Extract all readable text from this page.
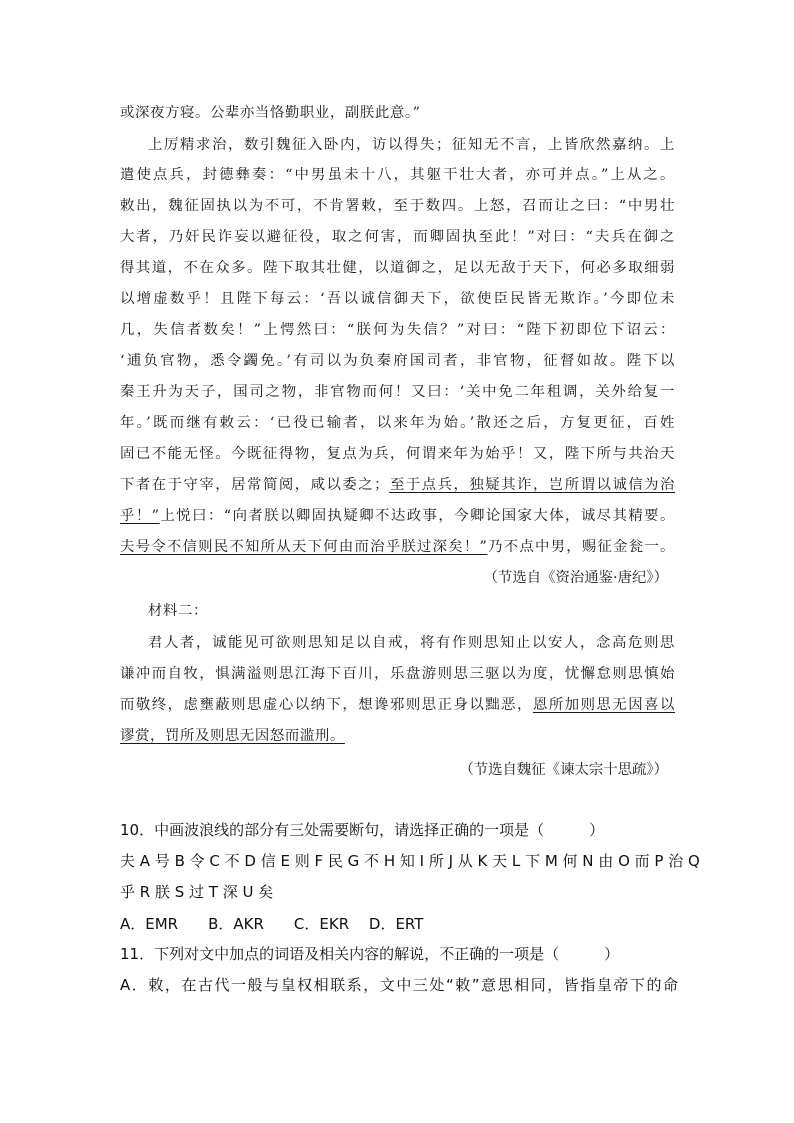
或深夜方寝。公辈亦当恪勤职业，副朕此意。”
上厉精求治，数引魏征入卧内，访以得失；征知无不言，上皆欣然嘉纳。上
遣使点兵，封德彝奏：“中男虽未十八，其躯干壮大者，亦可并点。”上从之。
敕出，魏征固执以为不可，不肯署敕，至于数四。上怒，召而让之曰：“中男壮
大者，乃奸民诈妄以避征役，取之何害，而卿固执至此！”对曰：“夫兵在御之
得其道，不在众多。陛下取其壮健，以道御之，足以无敌于天下，何必多取细弱
以增虚数乎！且陛下每云：‘吾以诚信御天下，欲使臣民皆无欺诈。’今即位未
几，失信者数矣！”上愕然曰：“朕何为失信？”对曰：“陛下初即位下诏云：
‘逋负官物，悉令蠲免。’有司以为负秦府国司者，非官物，征督如故。陛下以
秦王升为天子，国司之物，非官物而何！又曰：‘关中免二年租调，关外给复一
年。’既而继有敕云：‘已役已输者，以来年为始。’散还之后，方复更征，百姓
固已不能无怪。今既征得物，复点为兵，何谓来年为始乎！又，陛下所与共治天
下者在于守宰，居常简阅，咸以委之；至于点兵，独疑其诈，岂所谓以诚信为治
乎！”上悦曰：“向者朕以卿固执疑卿不达政事，今卿论国家大体，诚尽其精要。
夫号令不信则民不知所从天下何由而治乎朕过深矣！”乃不点中男，赐征金瓮一。
（节选自《资治通鉴·唐纪》）
材料二：
君人者，诚能见可欲则思知足以自戒，将有作则思知止以安人，念高危则思
谦冲而自牧，惧满溢则思江海下百川，乐盘游则思三驱以为度，忧懈怠则思慎始
而敬终，虑壅蔽则思虚心以纳下，想谗邪则思正身以黜恶，恩所加则思无因喜以
谬赏，罚所及则思无因怒而滥刑。
（节选自魏征《谏太宗十思疏》）
10．中画波浪线的部分有三处需要断句，请选择正确的一项是（　　　）
夫 A 号 B 令 C 不 D 信 E 则 F 民 G 不 H 知 I 所 J 从 K 天 L 下 M 何 N 由 O 而 P 治 Q
乎 R 朕 S 过 T 深 U 矣
A．EMR　　B．AKR　　C．EKR　 D．ERT
11．下列对文中加点的词语及相关内容的解说，不正确的一项是（　　　）
A．敕，在古代一般与皇权相联系，文中三处“敕”意思相同，皆指皇帝下的命
